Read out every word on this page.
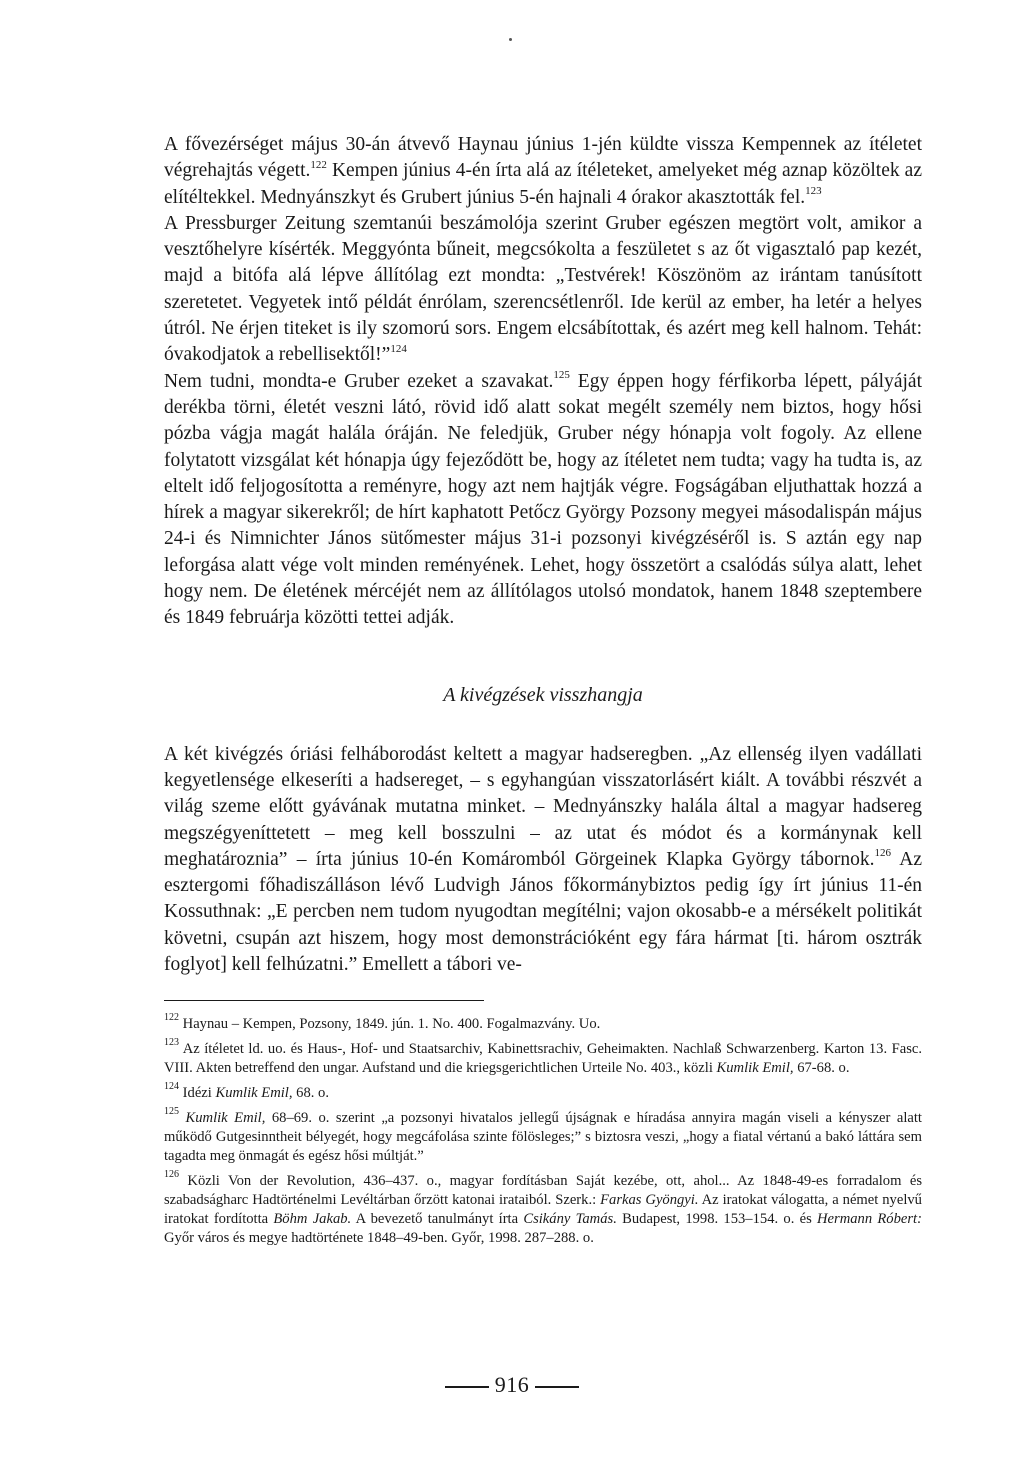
A fővezérséget május 30-án átvevő Haynau június 1-jén küldte vissza Kempennek az ítéletet végrehajtás végett.$^{122}$ Kempen június 4-én írta alá az ítéleteket, amelyeket még aznap közöltek az elítéltekkel. Mednyánszkyt és Grubert június 5-én hajnali 4 órakor akasztották fel.$^{123}$

A Pressburger Zeitung szemtanúi beszámolója szerint Gruber egészen megtört volt, amikor a vesztőhelyre kísérték. Meggyónta bűneit, megcsókolta a feszületet s az őt vigasztaló pap kezét, majd a bitófa alá lépve állítólag ezt mondta: „Testvérek! Köszönöm az irántam tanúsított szeretetet. Vegyetek intő példát énrólam, szerencsétlenről. Ide kerül az ember, ha letér a helyes útról. Ne érjen titeket is ily szomorú sors. Engem elcsábítottak, és azért meg kell halnom. Tehát: óvakodjatok a rebellisektől!”$^{124}$

Nem tudni, mondta-e Gruber ezeket a szavakat.$^{125}$ Egy éppen hogy férfikorba lépett, pályáját derékba törni, életét veszni látó, rövid idő alatt sokat megélt személy nem biztos, hogy hősi pózba vágja magát halála óráján. Ne feledjük, Gruber négy hónapja volt fogoly. Az ellene folytatott vizsgálat két hónapja úgy fejeződött be, hogy az ítéletet nem tudta; vagy ha tudta is, az eltelt idő feljogosította a reményre, hogy azt nem hajtják végre. Fogságában eljuthattak hozzá a hírek a magyar sikerekről; de hírt kaphatott Petőcz György Pozsony megyei másodalispán május 24-i és Nimnichter János sütőmester május 31-i pozsonyi kivégzéséről is. S aztán egy nap leforgása alatt vége volt minden reményének. Lehet, hogy összetört a csalódás súlya alatt, lehet hogy nem. De életének mércéjét nem az állítólagos utolsó mondatok, hanem 1848 szeptembere és 1849 februárja közötti tettei adják.

A kivégzések visszhangja

A két kivégzés óriási felháborodást keltett a magyar hadseregben. „Az ellenség ilyen vadállati kegyetlensége elkeseríti a hadsereget, – s egyhangúan visszatorlásért kiált. A további részvét a világ szeme előtt gyávának mutatna minket. – Mednyánszky halála által a magyar hadsereg megszégyeníttetett – meg kell bosszulni – az utat és módot és a kormánynak kell meghatároznia” – írta június 10-én Komáromból Görgeinek Klapka György tábornok.$^{126}$ Az esztergomi főhadiszálláson lévő Ludvigh János főkormánybiztos pedig így írt június 11-én Kossuthnak: „E percben nem tudom nyugodtan megítélni; vajon okosabb-e a mérsékelt politikát követni, csupán azt hiszem, hogy most demonstrációként egy fára hármat [ti. három osztrák foglyot] kell felhúzatni.” Emellett a tábori ve-

$^{122}$ Haynau – Kempen, Pozsony, 1849. jún. 1. No. 400. Fogalmazvány. Uo.

$^{123}$ Az ítéletet ld. uo. és Haus-, Hof- und Staatsarchiv, Kabinettsrachiv, Geheimakten. Nachlaß Schwarzenberg. Karton 13. Fasc. VIII. Akten betreffend den ungar. Aufstand und die kriegsgerichtlichen Urteile No. 403., közli Kumlik Emil, 67-68. o.

$^{124}$ Idézi Kumlik Emil, 68. o.

$^{125}$ Kumlik Emil, 68–69. o. szerint „a pozsonyi hivatalos jellegű újságnak e híradása annyira magán viseli a kényszer alatt működő Gutgesinntheit bélyegét, hogy megcáfolása szinte fölösleges;” s biztosra veszi, „hogy a fiatal vértanú a bakó láttára sem tagadta meg önmagát és egész hősi múltját.”

$^{126}$ Közli Von der Revolution, 436–437. o., magyar fordításban Saját kezébe, ott, ahol... Az 1848-49-es forradalom és szabadságharc Hadtörténelmi Levéltárban őrzött katonai irataiból. Szerk.: Farkas Gyöngyi. Az iratokat válogatta, a német nyelvű iratokat fordította Böhm Jakab. A bevezető tanulmányt írta Csikány Tamás. Budapest, 1998. 153–154. o. és Hermann Róbert: Győr város és megye hadtörténete 1848–49-ben. Győr, 1998. 287–288. o.

916
